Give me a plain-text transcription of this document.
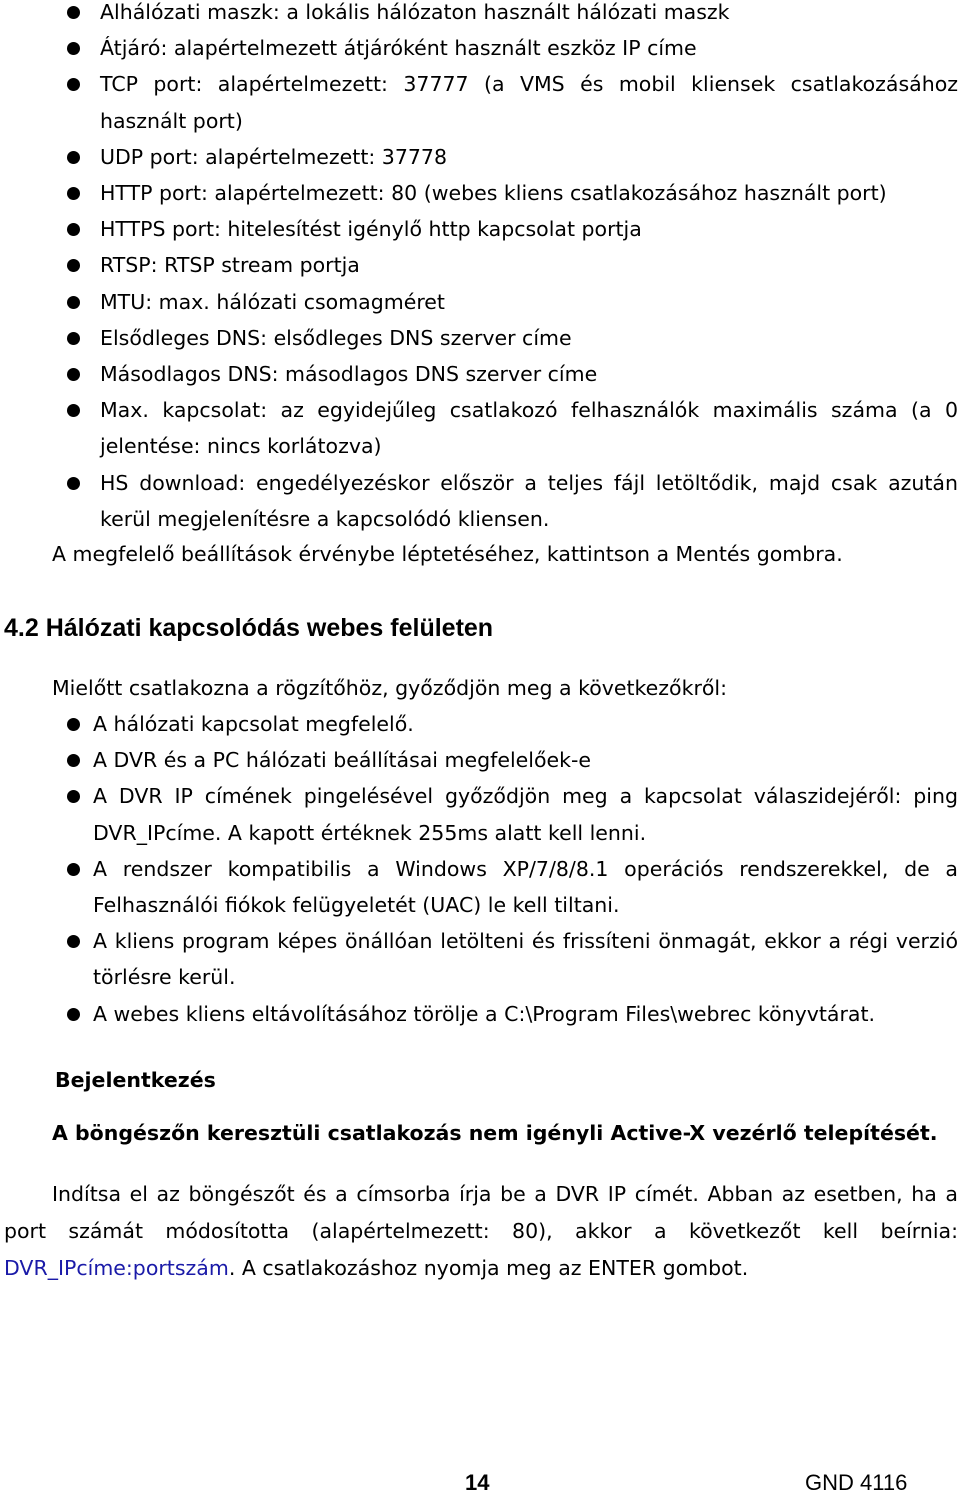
Alhálózati maszk: a lokális hálózaton használt hálózati maszk
Átjáró: alapértelmezett átjáróként használt eszköz IP címe
TCP port: alapértelmezett: 37777 (a VMS és mobil kliensek csatlakozásához használt port)
UDP port: alapértelmezett: 37778
HTTP port: alapértelmezett: 80 (webes kliens csatlakozásához használt port)
HTTPS port: hitelesítést igénylő http kapcsolat portja
RTSP: RTSP stream portja
MTU: max. hálózati csomagméret
Elsődleges DNS: elsődleges DNS szerver címe
Másodlagos DNS: másodlagos DNS szerver címe
Max. kapcsolat: az egyidejűleg csatlakozó felhasználók maximális száma (a 0 jelentése: nincs korlátozva)
HS download: engedélyezéskor először a teljes fájl letöltődik, majd csak azután kerül megjelenítésre a kapcsolódó kliensen.

A megfelelő beállítások érvénybe léptetéséhez, kattintson a Mentés gombra.

4.2 Hálózati kapcsolódás webes felületen

Mielőtt csatlakozna a rögzítőhöz, győződjön meg a következőkről:

A hálózati kapcsolat megfelelő.
A DVR és a PC hálózati beállításai megfelelőek-e
A DVR IP címének pingelésével győződjön meg a kapcsolat válaszidejéről: ping DVR_IPcíme. A kapott értéknek 255ms alatt kell lenni.
A rendszer kompatibilis a Windows XP/7/8/8.1 operációs rendszerekkel, de a Felhasználói fiókok felügyeletét (UAC) le kell tiltani.
A kliens program képes önállóan letölteni és frissíteni önmagát, ekkor a régi verzió törlésre kerül.
A webes kliens eltávolításához törölje a C:\Program Files\webrec könyvtárat.
Bejelentkezés

A böngészőn keresztüli csatlakozás nem igényli Active-X vezérlő telepítését.

Indítsa el az böngészőt és a címsorba írja be a DVR IP címét. Abban az esetben, ha a port számát módosította (alapértelmezett: 80), akkor a következőt kell beírnia: DVR_IPcíme:portszám. A csatlakozáshoz nyomja meg az ENTER gombot.

14	GND 4116
